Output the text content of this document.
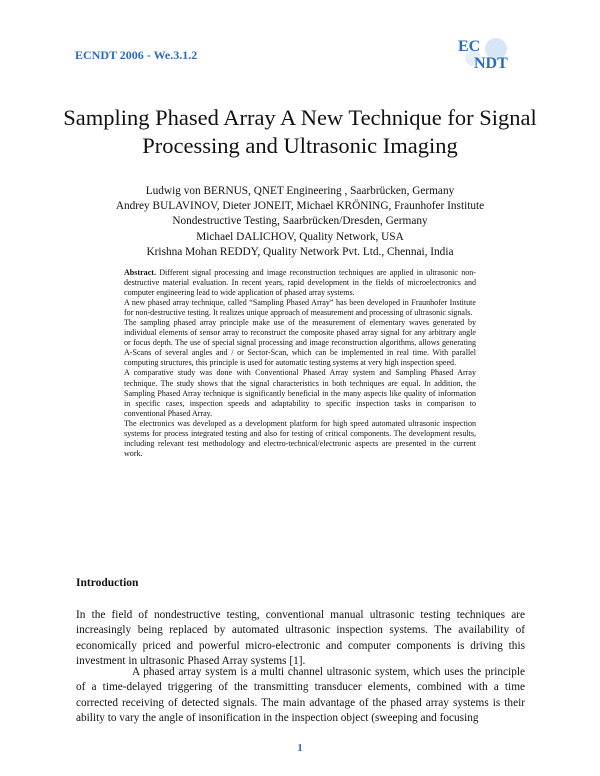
ECNDT 2006 - We.3.1.2	EC
NDT
Sampling Phased Array A New Technique for Signal Processing and Ultrasonic Imaging
Ludwig von BERNUS, QNET Engineering , Saarbrücken, Germany
Andrey BULAVINOV, Dieter JONEIT, Michael KRÖNING, Fraunhofer Institute
Nondestructive Testing, Saarbrücken/Dresden, Germany
Michael DALICHOV, Quality Network, USA
Krishna Mohan REDDY, Quality Network Pvt. Ltd., Chennai, India

Abstract. Different signal processing and image reconstruction techniques are applied in ultrasonic non-destructive material evaluation. In recent years, rapid development in the fields of microelectronics and computer engineering lead to wide application of phased array systems.

A new phased array technique, called “Sampling Phased Array” has been developed in Fraunhofer Institute for non-destructive testing. It realizes unique approach of measurement and processing of ultrasonic signals.

The sampling phased array principle make use of the measurement of elementary waves generated by individual elements of sensor array to reconstruct the composite phased array signal for any arbitrary angle or focus depth. The use of special signal processing and image reconstruction algorithms, allows generating A-Scans of several angles and / or Sector-Scan, which can be implemented in real time. With parallel computing structures, this principle is used for automatic testing systems at very high inspection speed.

A comparative study was done with Conventional Phased Array system and Sampling Phased Array technique. The study shows that the signal characteristics in both techniques are equal. In addition, the Sampling Phased Array technique is significantly beneficial in the many aspects like quality of information in specific cases, inspection speeds and adaptability to specific inspection tasks in comparison to conventional Phased Array.

The electronics was developed as a development platform for high speed automated ultrasonic inspection systems for process integrated testing and also for testing of critical components. The development results, including relevant test methodology and electro-technical/electronic aspects are presented in the current work.

Introduction

In the field of nondestructive testing, conventional manual ultrasonic testing techniques are increasingly being replaced by automated ultrasonic inspection systems. The availability of economically priced and powerful micro-electronic and computer components is driving this investment in ultrasonic Phased Array systems [1].

A phased array system is a multi channel ultrasonic system, which uses the principle of a time-delayed triggering of the transmitting transducer elements, combined with a time corrected receiving of detected signals. The main advantage of the phased array systems is their ability to vary the angle of insonification in the inspection object (sweeping and focusing

1
